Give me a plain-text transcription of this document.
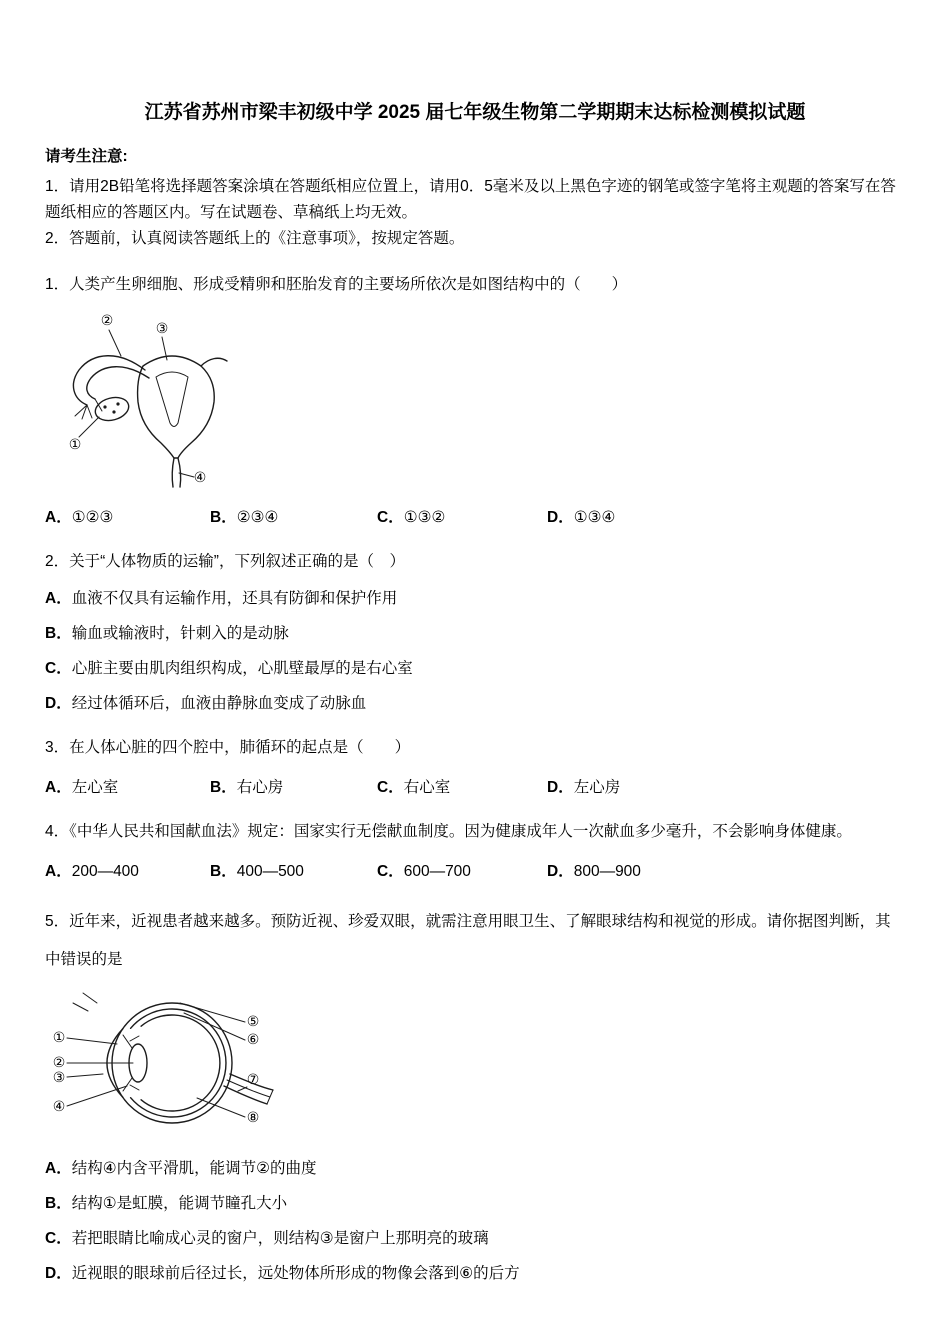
江苏省苏州市梁丰初级中学 2025 届七年级生物第二学期期末达标检测模拟试题

请考生注意:

1．请用2B铅笔将选择题答案涂填在答题纸相应位置上，请用0．5毫米及以上黑色字迹的钢笔或签字笔将主观题的答案写在答题纸相应的答题区内。写在试题卷、草稿纸上均无效。

2．答题前，认真阅读答题纸上的《注意事项》，按规定答题。

1．人类产生卵细胞、形成受精卵和胚胎发育的主要场所依次是如图结构中的（　　）

①
②	③
④
A．①②③	B．②③④	C．①③②	D．①③④

2．关于“人体物质的运输”，下列叙述正确的是（　）

A．血液不仅具有运输作用，还具有防御和保护作用

B．输血或输液时，针刺入的是动脉

C．心脏主要由肌肉组织构成，心肌壁最厚的是右心室

D．经过体循环后，血液由静脉血变成了动脉血

3．在人体心脏的四个腔中，肺循环的起点是（　　）

A．左心室	B．右心房	C．右心室	D．左心房

4．《中华人民共和国献血法》规定：国家实行无偿献血制度。因为健康成年人一次献血多少毫升，不会影响身体健康。

A．200—400	B．400—500	C．600—700	D．800—900

5．近年来，近视患者越来越多。预防近视、珍爱双眼，就需注意用眼卫生、了解眼球结构和视觉的形成。请你据图判断，其中错误的是

①
②
③
④
⑤
⑥
⑦
⑧

A．结构④内含平滑肌，能调节②的曲度

B．结构①是虹膜，能调节瞳孔大小

C．若把眼睛比喻成心灵的窗户，则结构③是窗户上那明亮的玻璃

D．近视眼的眼球前后径过长，远处物体所形成的物像会落到⑥的后方
